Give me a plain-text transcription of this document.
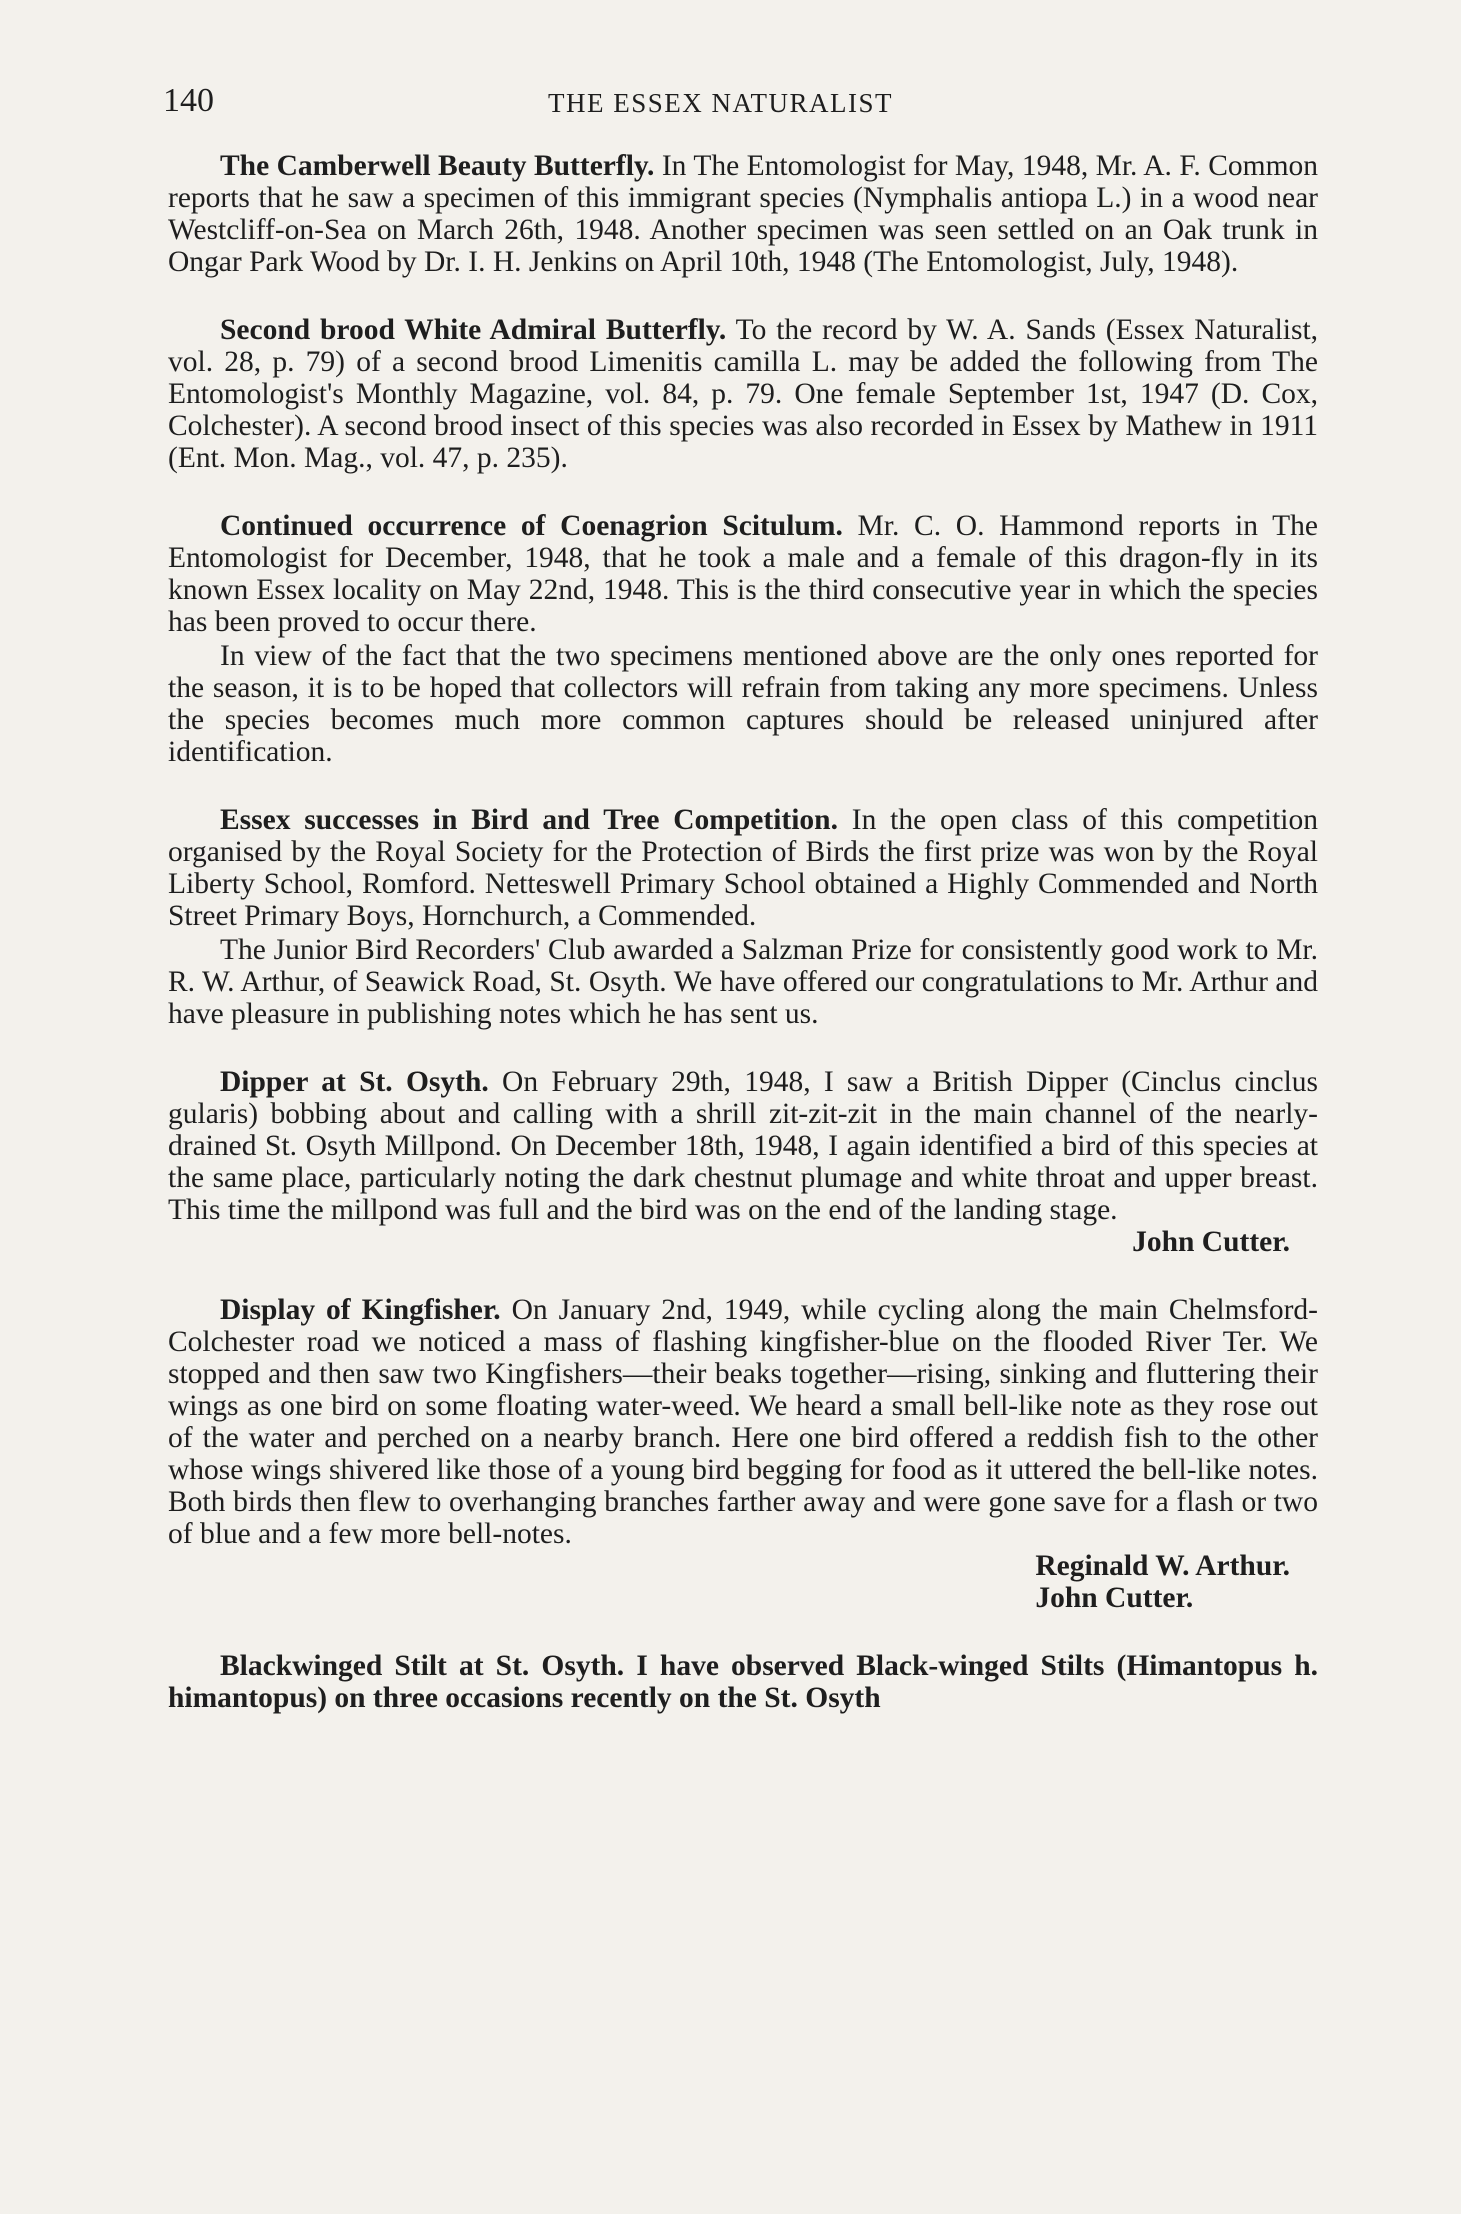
140	THE ESSEX NATURALIST

The Camberwell Beauty Butterfly. In The Entomologist for May, 1948, Mr. A. F. Common reports that he saw a specimen of this immigrant species (Nymphalis antiopa L.) in a wood near Westcliff-on-Sea on March 26th, 1948. Another specimen was seen settled on an Oak trunk in Ongar Park Wood by Dr. I. H. Jenkins on April 10th, 1948 (The Entomologist, July, 1948).

Second brood White Admiral Butterfly. To the record by W. A. Sands (Essex Naturalist, vol. 28, p. 79) of a second brood Limenitis camilla L. may be added the following from The Entomologist's Monthly Magazine, vol. 84, p. 79. One female September 1st, 1947 (D. Cox, Colchester). A second brood insect of this species was also recorded in Essex by Mathew in 1911 (Ent. Mon. Mag., vol. 47, p. 235).

Continued occurrence of Coenagrion Scitulum. Mr. C. O. Hammond reports in The Entomologist for December, 1948, that he took a male and a female of this dragon-fly in its known Essex locality on May 22nd, 1948. This is the third consecutive year in which the species has been proved to occur there.

In view of the fact that the two specimens mentioned above are the only ones reported for the season, it is to be hoped that collectors will refrain from taking any more specimens. Unless the species becomes much more common captures should be released uninjured after identification.

Essex successes in Bird and Tree Competition. In the open class of this competition organised by the Royal Society for the Protection of Birds the first prize was won by the Royal Liberty School, Romford. Netteswell Primary School obtained a Highly Commended and North Street Primary Boys, Hornchurch, a Commended.

The Junior Bird Recorders' Club awarded a Salzman Prize for consistently good work to Mr. R. W. Arthur, of Seawick Road, St. Osyth. We have offered our congratulations to Mr. Arthur and have pleasure in publishing notes which he has sent us.

Dipper at St. Osyth. On February 29th, 1948, I saw a British Dipper (Cinclus cinclus gularis) bobbing about and calling with a shrill zit-zit-zit in the main channel of the nearly-drained St. Osyth Millpond. On December 18th, 1948, I again identified a bird of this species at the same place, particularly noting the dark chestnut plumage and white throat and upper breast. This time the millpond was full and the bird was on the end of the landing stage.

John Cutter.

Display of Kingfisher. On January 2nd, 1949, while cycling along the main Chelmsford-Colchester road we noticed a mass of flashing kingfisher-blue on the flooded River Ter. We stopped and then saw two Kingfishers—their beaks together—rising, sinking and fluttering their wings as one bird on some floating water-weed. We heard a small bell-like note as they rose out of the water and perched on a nearby branch. Here one bird offered a reddish fish to the other whose wings shivered like those of a young bird begging for food as it uttered the bell-like notes. Both birds then flew to overhanging branches farther away and were gone save for a flash or two of blue and a few more bell-notes.

Reginald W. Arthur.
John Cutter.

Blackwinged Stilt at St. Osyth. I have observed Black-winged Stilts (Himantopus h. himantopus) on three occasions recently on the St. Osyth
